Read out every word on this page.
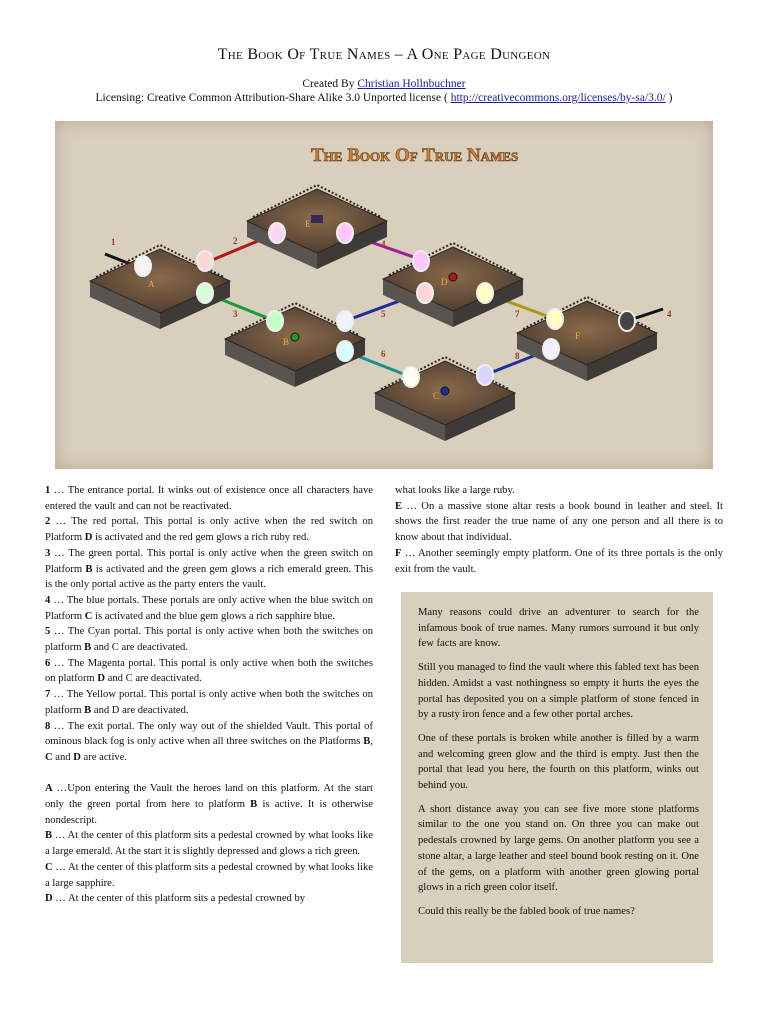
The Book Of True Names – A One Page Dungeon
Created By Christian Hollnbuchner
Licensing: Creative Common Attribution-Share Alike 3.0 Unported license ( http://creativecommons.org/licenses/by-sa/3.0/ )
The Book Of True Names
A
E
B
D
F
C
1	2
3
4
5
6
7
8
4

1 … The entrance portal. It winks out of existence once all characters have entered the vault and can not be reactivated.

2 … The red portal. This portal is only active when the red switch on Platform D is activated and the red gem glows a rich ruby red.

3 … The green portal. This portal is only active when the green switch on Platform B is activated and the green gem glows a rich emerald green. This is the only portal active as the party enters the vault.

4 … The blue portals. These portals are only active when the blue switch on Platform C is activated and the blue gem glows a rich sapphire blue.

5 … The Cyan portal. This portal is only active when both the switches on platform B and C are deactivated.

6 … The Magenta portal. This portal is only active when both the switches on platform D and C are deactivated.

7 … The Yellow portal. This portal is only active when both the switches on platform B and D are deactivated.

8 … The exit portal. The only way out of the shielded Vault. This portal of ominous black fog is only active when all three switches on the Platforms B, C and D are active.

A …Upon entering the Vault the heroes land on this platform. At the start only the green portal from here to platform B is active. It is otherwise nondescript.

B … At the center of this platform sits a pedestal crowned by what looks like a large emerald. At the start it is slightly depressed and glows a rich green.

C … At the center of this platform sits a pedestal crowned by what looks like a large sapphire.

D … At the center of this platform sits a pedestal crowned by

what looks like a large ruby.

E … On a massive stone altar rests a book bound in leather and steel. It shows the first reader the true name of any one person and all there is to know about that individual.

F … Another seemingly empty platform. One of its three portals is the only exit from the vault.

Many reasons could drive an adventurer to search for the infamous book of true names. Many rumors surround it but only few facts are know.

Still you managed to find the vault where this fabled text has been hidden. Amidst a vast nothingness so empty it hurts the eyes the portal has deposited you on a simple platform of stone fenced in by a rusty iron fence and a few other portal arches.

One of these portals is broken while another is filled by a warm and welcoming green glow and the third is empty. Just then the portal that lead you here, the fourth on this platform, winks out behind you.

A short distance away you can see five more stone platforms similar to the one you stand on. On three you can make out pedestals crowned by large gems. On another platform you see a stone altar, a large leather and steel bound book resting on it. One of the gems, on a platform with another green glowing portal glows in a rich green color itself.

Could this really be the fabled book of true names?
